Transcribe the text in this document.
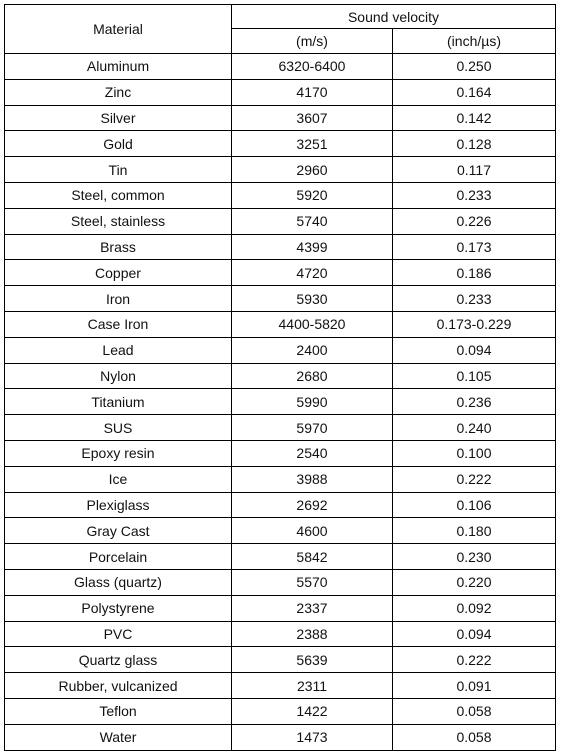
Material	Sound velocity	
	(m/s)	(inch/µs)
Aluminum	6320-6400	0.250
Zinc	4170	0.164
Silver	3607	0.142
Gold	3251	0.128
Tin	2960	0.117
Steel, common	5920	0.233
Steel, stainless	5740	0.226
Brass	4399	0.173
Copper	4720	0.186
Iron	5930	0.233
Case Iron	4400-5820	0.173-0.229
Lead	2400	0.094
Nylon	2680	0.105
Titanium	5990	0.236
SUS	5970	0.240
Epoxy resin	2540	0.100
Ice	3988	0.222
Plexiglass	2692	0.106
Gray Cast	4600	0.180
Porcelain	5842	0.230
Glass (quartz)	5570	0.220
Polystyrene	2337	0.092
PVC	2388	0.094
Quartz glass	5639	0.222
Rubber, vulcanized	2311	0.091
Teflon	1422	0.058
Water	1473	0.058
